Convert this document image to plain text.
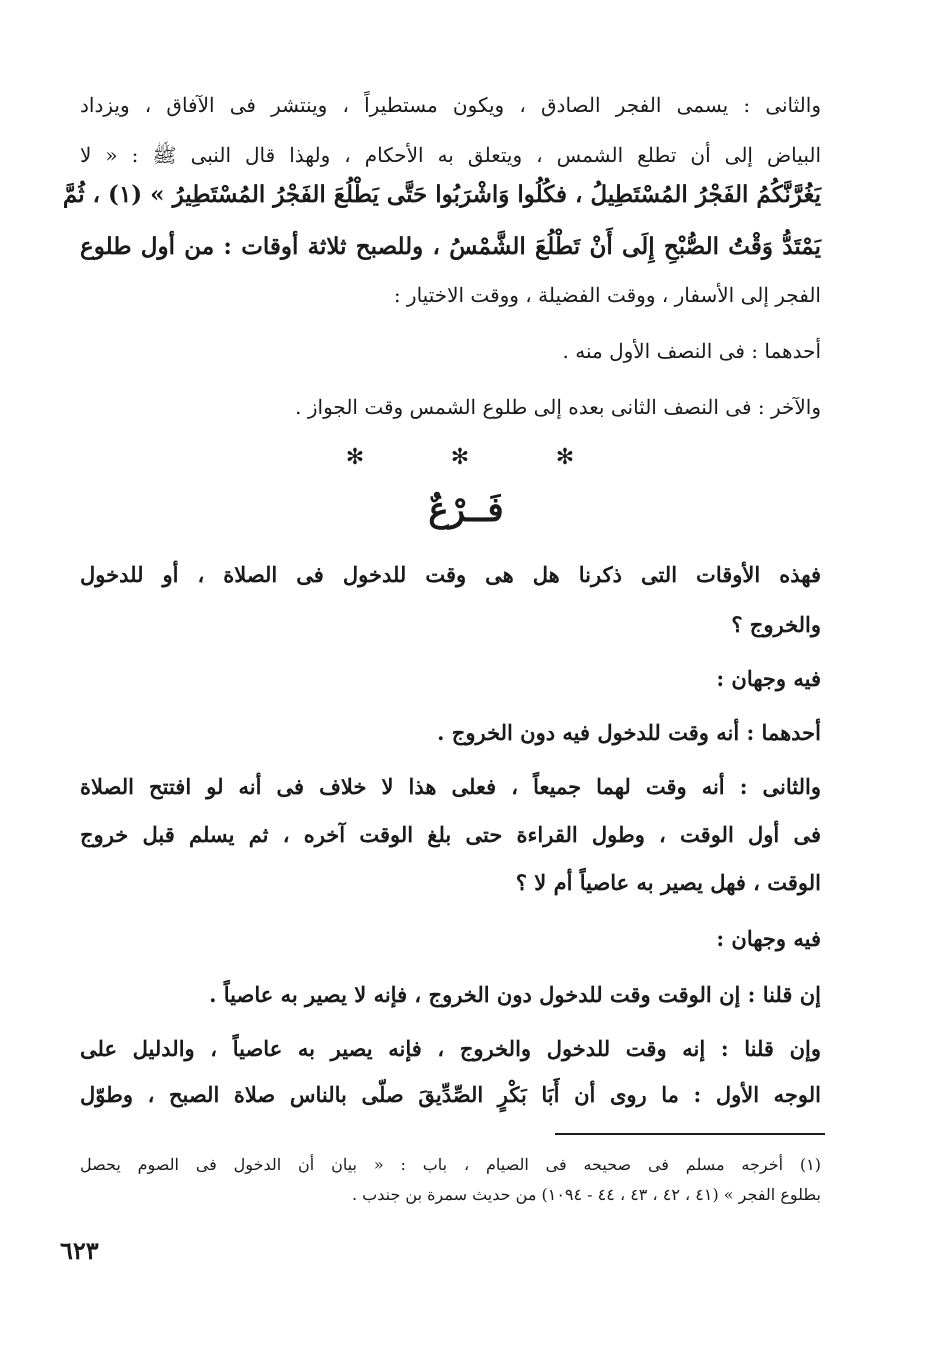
والثانى : يسمى الفجر الصادق ، ويكون مستطيراً ، وينتشر فى الآفاق ، ويزداد
البياض إلى أن تطلع الشمس ، ويتعلق به الأحكام ، ولهذا قال النبى ﷺ : « لا
يَغُرَّنَّكُمُ الفَجْرُ المُسْتَطِيلُ ، فكُلُوا وَاشْرَبُوا حَتَّى يَطْلُعَ الفَجْرُ المُسْتَطِيرُ » (١) ، ثُمَّ
يَمْتَدُّ وَقْتُ الصُّبْحِ إِلَى أَنْ تَطْلُعَ الشَّمْسُ ، وللصبح ثلاثة أوقات : من أول طلوع
الفجر إلى الأسفار ، ووقت الفضيلة ، ووقت الاختيار :
أحدهما : فى النصف الأول منه .
والآخر : فى النصف الثانى بعده إلى طلوع الشمس وقت الجواز .
✻	✻	✻
فَــرْعٌ
فهذه الأوقات التى ذكرنا هل هى وقت للدخول فى الصلاة ، أو للدخول
والخروج ؟
فيه وجهان :
أحدهما : أنه وقت للدخول فيه دون الخروج .
والثانى : أنه وقت لهما جميعاً ، فعلى هذا لا خلاف فى أنه لو افتتح الصلاة
فى أول الوقت ، وطول القراءة حتى بلغ الوقت آخره ، ثم يسلم قبل خروج
الوقت ، فهل يصير به عاصياً أم لا ؟
فيه وجهان :
إن قلنا : إن الوقت وقت للدخول دون الخروج ، فإنه لا يصير به عاصياً .
وإن قلنا : إنه وقت للدخول والخروج ، فإنه يصير به عاصياً ، والدليل على
الوجه الأول : ما روى أن أَبَا بَكْرٍ الصِّدِّيقَ صلّى بالناس صلاة الصبح ، وطوّل
(١) أخرجه مسلم فى صحيحه فى الصيام ، باب : « بيان أن الدخول فى الصوم يحصل
بطلوع الفجر » (٤١ ، ٤٢ ، ٤٣ ، ٤٤ - ١٠٩٤) من حديث سمرة بن جندب .
٦٢٣
